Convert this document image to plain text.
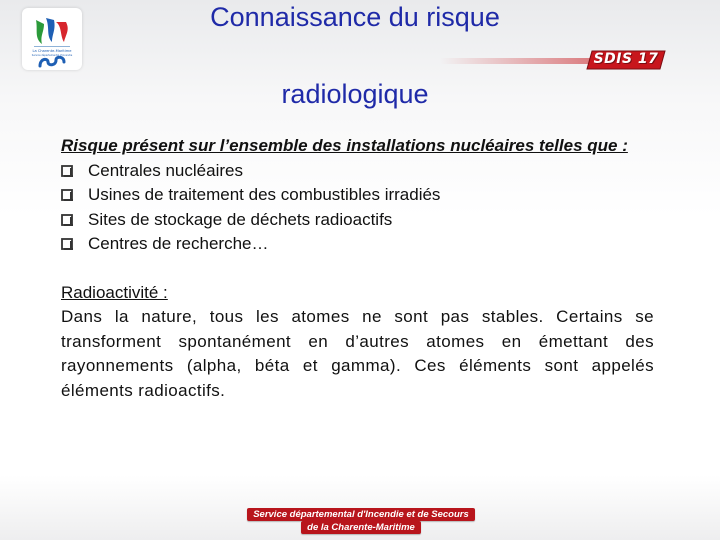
La Charente-Maritime
Service départemental d'incendie	SDIS 17
Connaissance du risque
radiologique
Risque présent sur l’ensemble des installations nucléaires telles que :
Centrales nucléaires
Usines de traitement des combustibles irradiés
Sites de stockage de déchets radioactifs
Centres de recherche…
Radioactivité :
Dans la nature, tous les atomes ne sont pas stables. Certains se transforment spontanément en d’autres atomes en émettant des rayonnements (alpha, béta et gamma). Ces éléments sont appelés éléments radioactifs.
Service départemental d'Incendie et de Secours
de la Charente-Maritime
